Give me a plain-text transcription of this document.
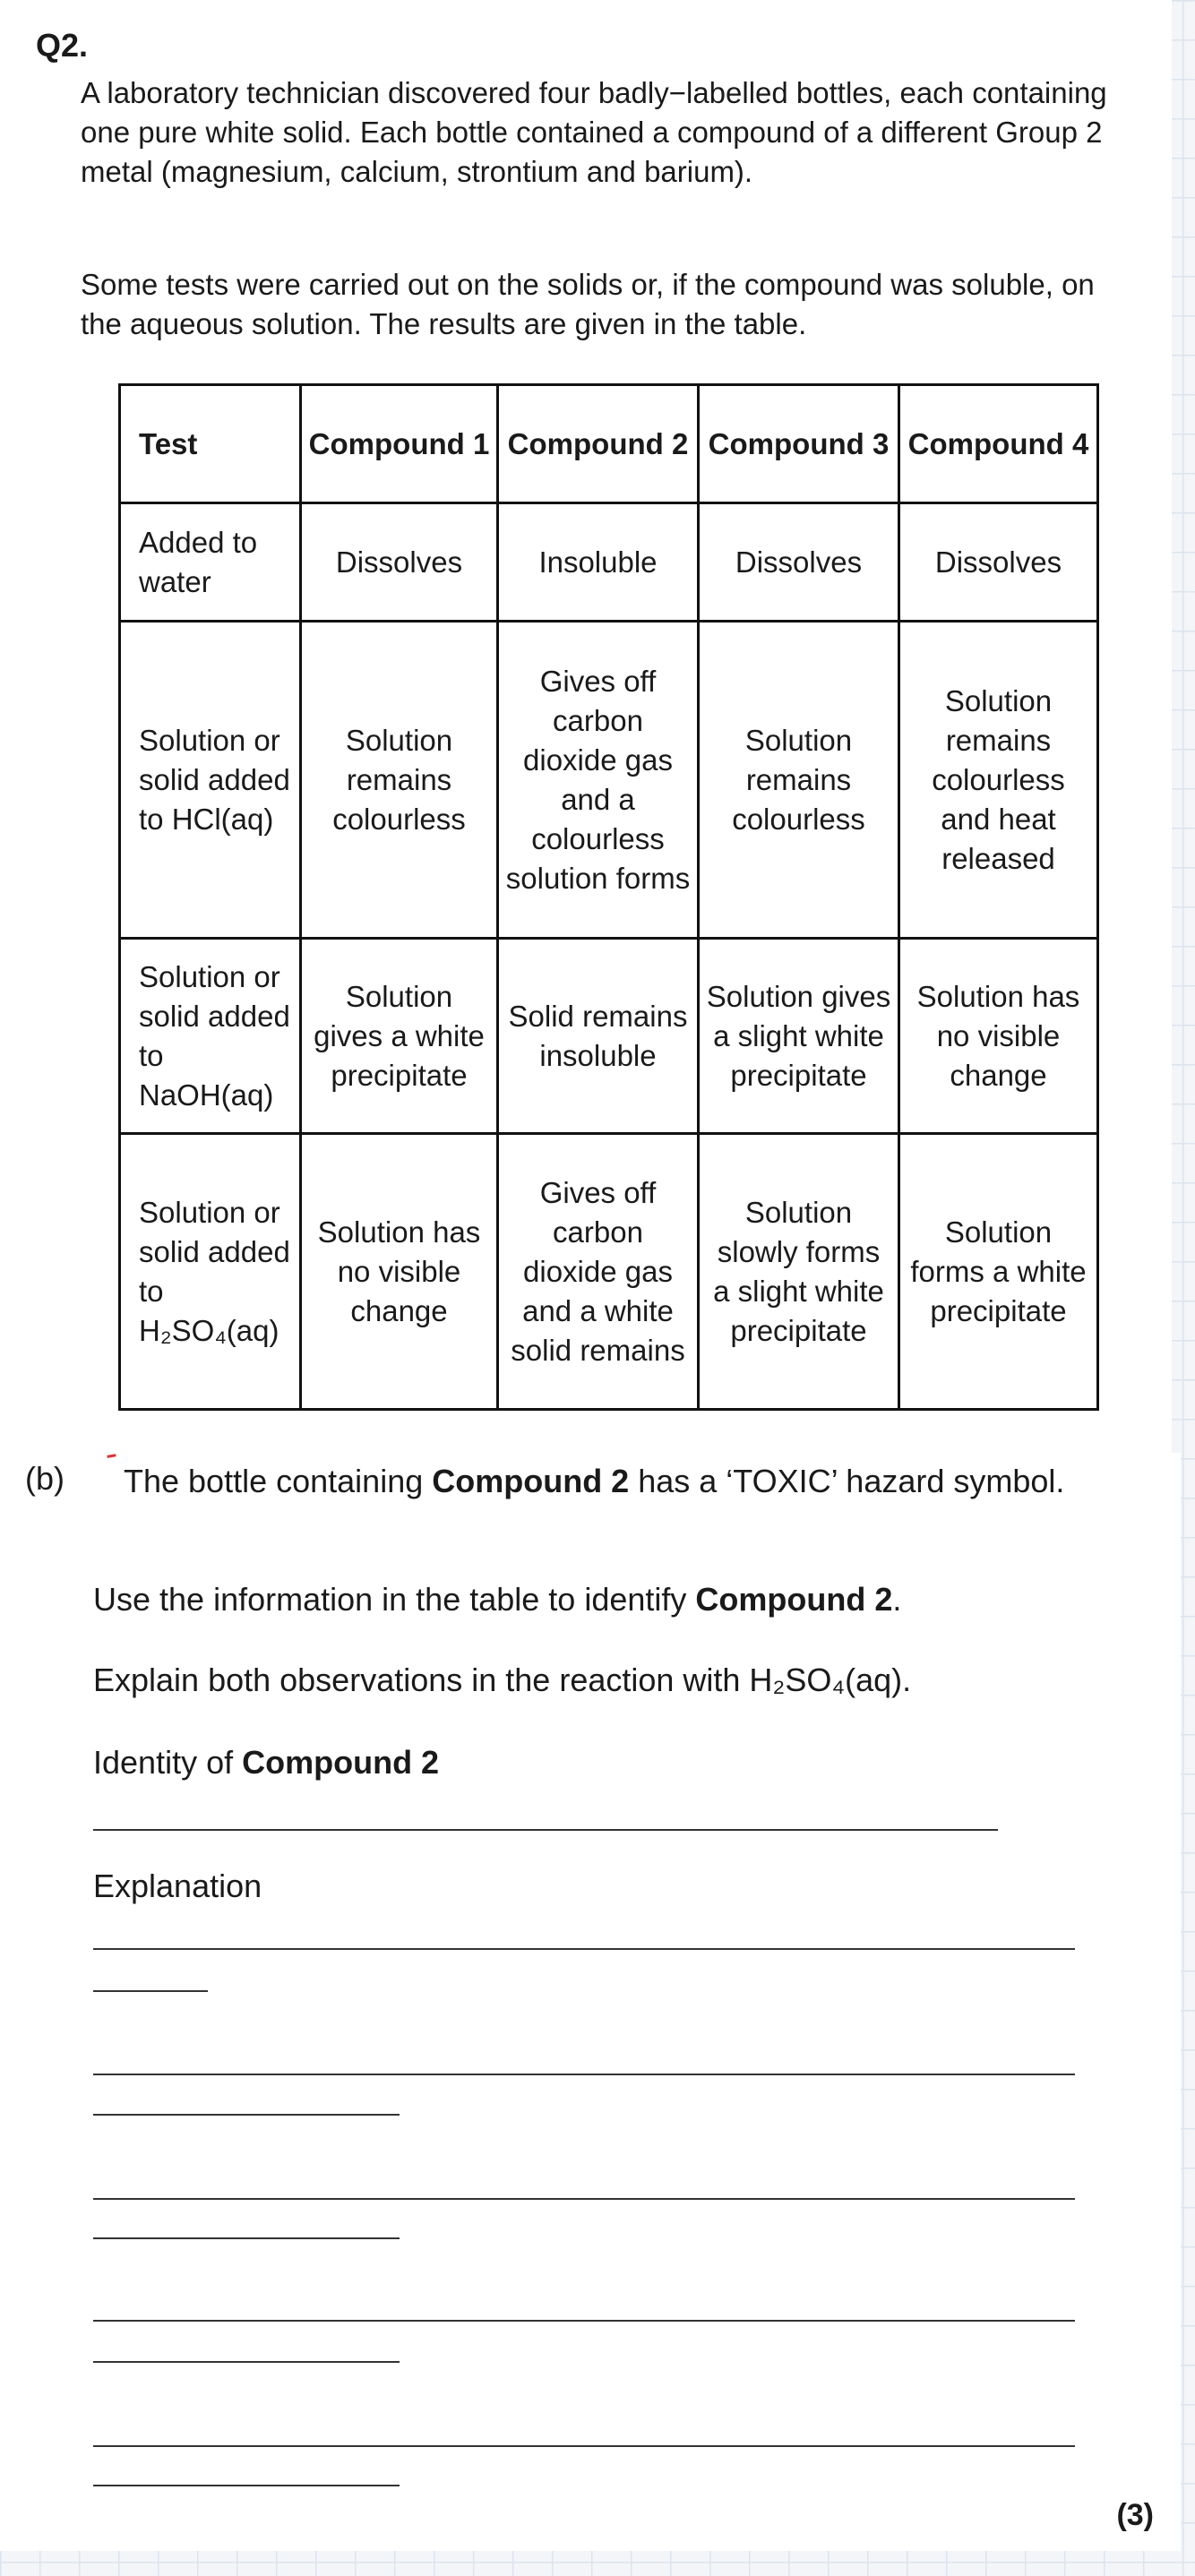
Q2.

A laboratory technician discovered four badly−labelled bottles, each containing one pure white solid. Each bottle contained a compound of a different Group 2 metal (magnesium, calcium, strontium and barium).

Some tests were carried out on the solids or, if the compound was soluble, on the aqueous solution. The results are given in the table.

Test	Compound 1	Compound 2	Compound 3	Compound 4
Added to water	Dissolves	Insoluble	Dissolves	Dissolves
Solution or solid added to HCl(aq)	Solution remains colourless	Gives off carbon dioxide gas and a colourless solution forms	Solution remains colourless	Solution remains colourless and heat released
Solution or solid added to NaOH(aq)	Solution gives a white precipitate	Solid remains insoluble	Solution gives a slight white precipitate	Solution has no visible change
Solution or solid added to H₂SO₄(aq)	Solution has no visible change	Gives off carbon dioxide gas and a white solid remains	Solution slowly forms a slight white precipitate	Solution forms a white precipitate
(b)	The bottle containing Compound 2 has a ‘TOXIC’ hazard symbol.

Use the information in the table to identify Compound 2.

Explain both observations in the reaction with H₂SO₄(aq).

Identity of Compound 2

Explanation

(3)
